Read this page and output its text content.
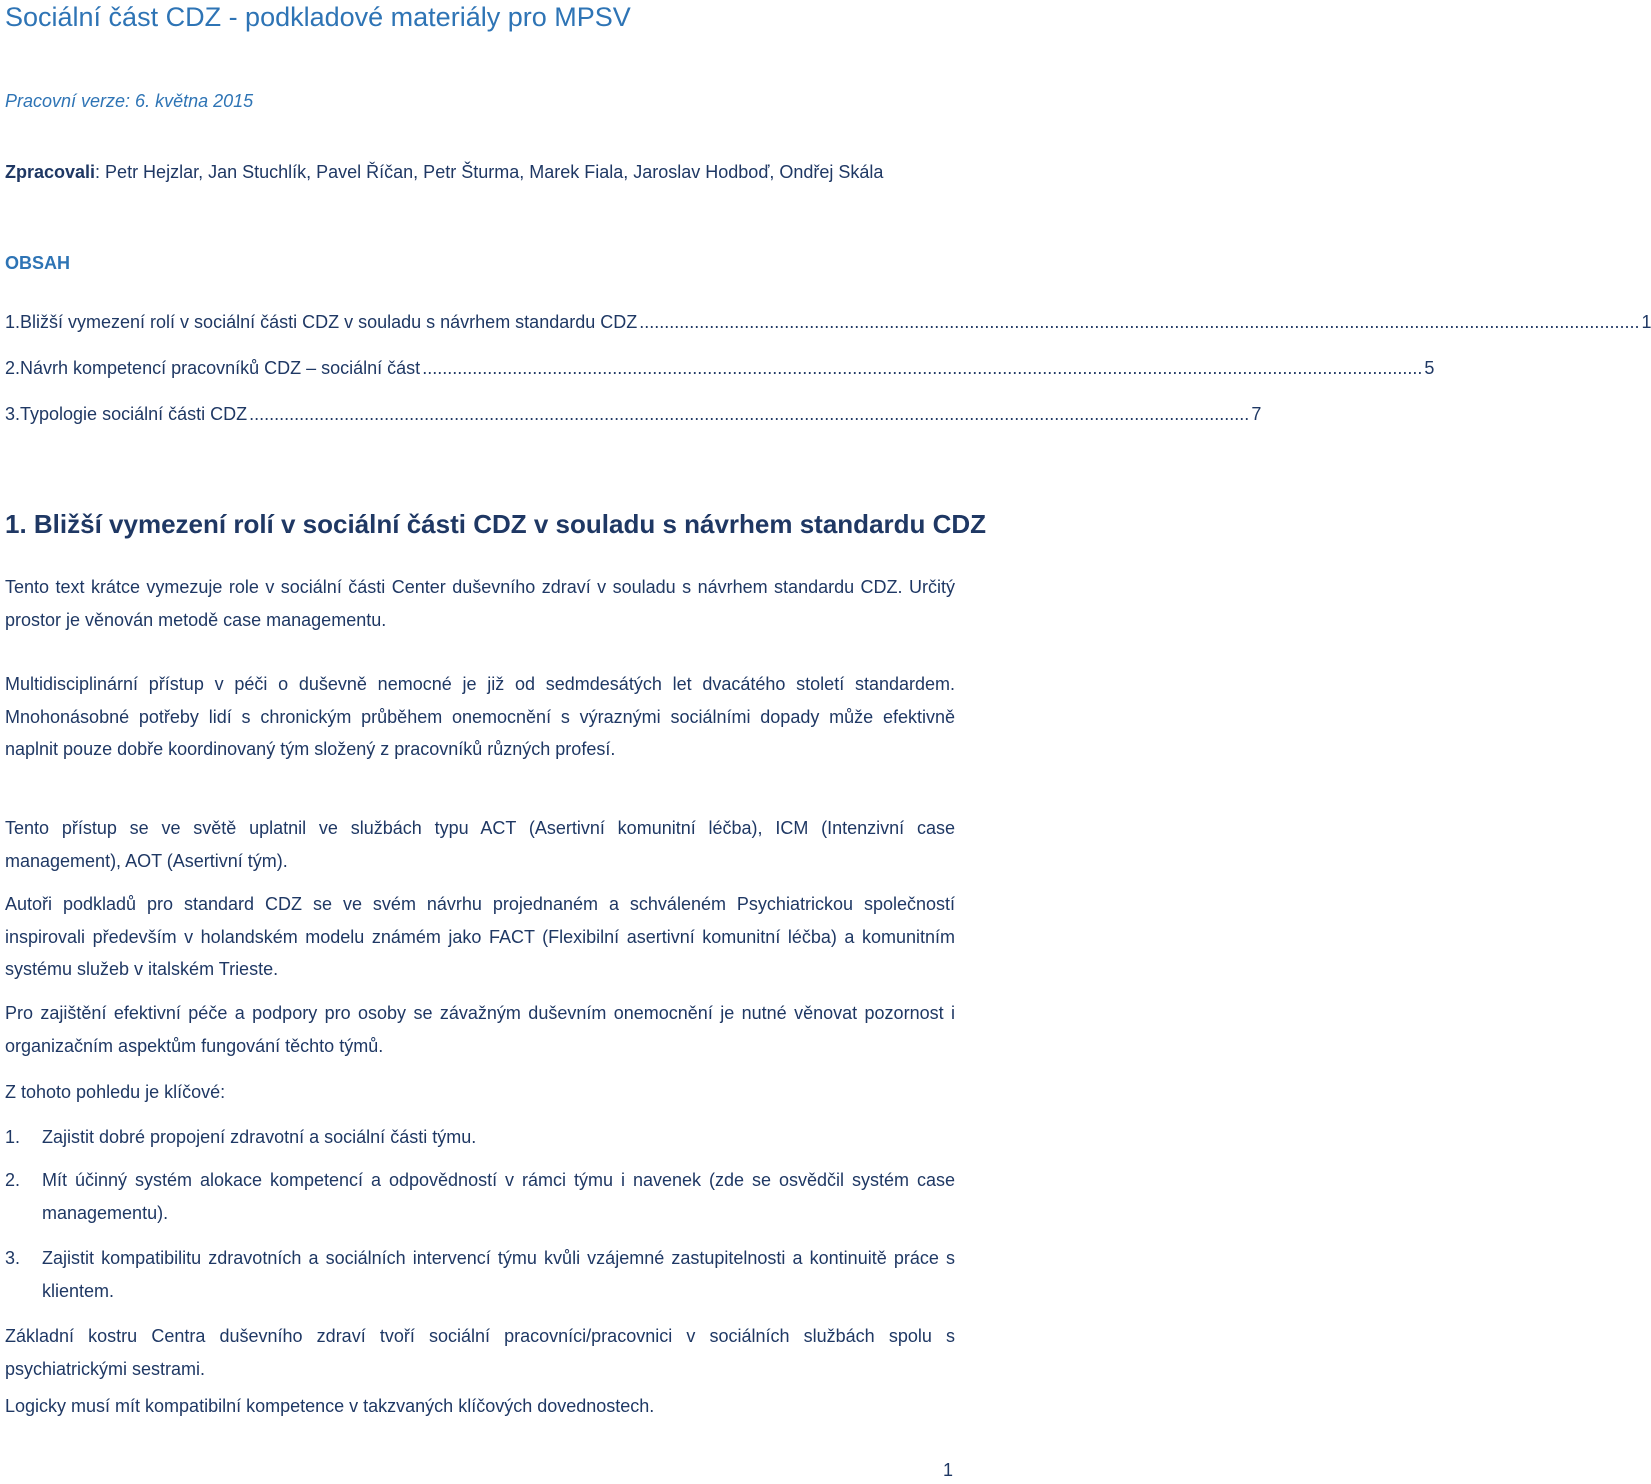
Sociální část CDZ - podkladové materiály pro MPSV
Pracovní verze: 6. května 2015
Zpracovali: Petr Hejzlar, Jan Stuchlík, Pavel Říčan, Petr Šturma, Marek Fiala, Jaroslav Hodboď, Ondřej Skála
OBSAH
1. Bližší vymezení rolí v sociální části CDZ v souladu s návrhem standardu CDZ ........................................................................................................................................................................................................ 1
2. Návrh kompetencí pracovníků CDZ – sociální část ........................................................................................................................................................................................................ 5
3. Typologie sociální části CDZ ........................................................................................................................................................................................................ 7
1. Bližší vymezení rolí v sociální části CDZ v souladu s návrhem standardu CDZ

Tento text krátce vymezuje role v sociální části Center duševního zdraví v souladu s návrhem standardu CDZ. Určitý prostor je věnován metodě case managementu.

Multidisciplinární přístup v péči o duševně nemocné je již od sedmdesátých let dvacátého století standardem. Mnohonásobné potřeby lidí s chronickým průběhem onemocnění s výraznými sociálními dopady může efektivně naplnit pouze dobře koordinovaný tým složený z pracovníků různých profesí.

Tento přístup se ve světě uplatnil ve službách typu ACT (Asertivní komunitní léčba), ICM (Intenzivní case management), AOT (Asertivní tým).

Autoři podkladů pro standard CDZ se ve svém návrhu projednaném a schváleném Psychiatrickou společností inspirovali především v holandském modelu známém jako FACT (Flexibilní asertivní komunitní léčba) a komunitním systému služeb v italském Trieste.

Pro zajištění efektivní péče a podpory pro osoby se závažným duševním onemocnění je nutné věnovat pozornost i organizačním aspektům fungování těchto týmů.

Z tohoto pohledu je klíčové:

1.	Zajistit dobré propojení zdravotní a sociální části týmu.
2.	Mít účinný systém alokace kompetencí a odpovědností v rámci týmu i navenek (zde se osvědčil systém case managementu).
3.	Zajistit kompatibilitu zdravotních a sociálních intervencí týmu kvůli vzájemné zastupitelnosti a kontinuitě práce s klientem.

Základní kostru Centra duševního zdraví tvoří sociální pracovníci/pracovnici v sociálních službách spolu s psychiatrickými sestrami.

Logicky musí mít kompatibilní kompetence v takzvaných klíčových dovednostech.

1
